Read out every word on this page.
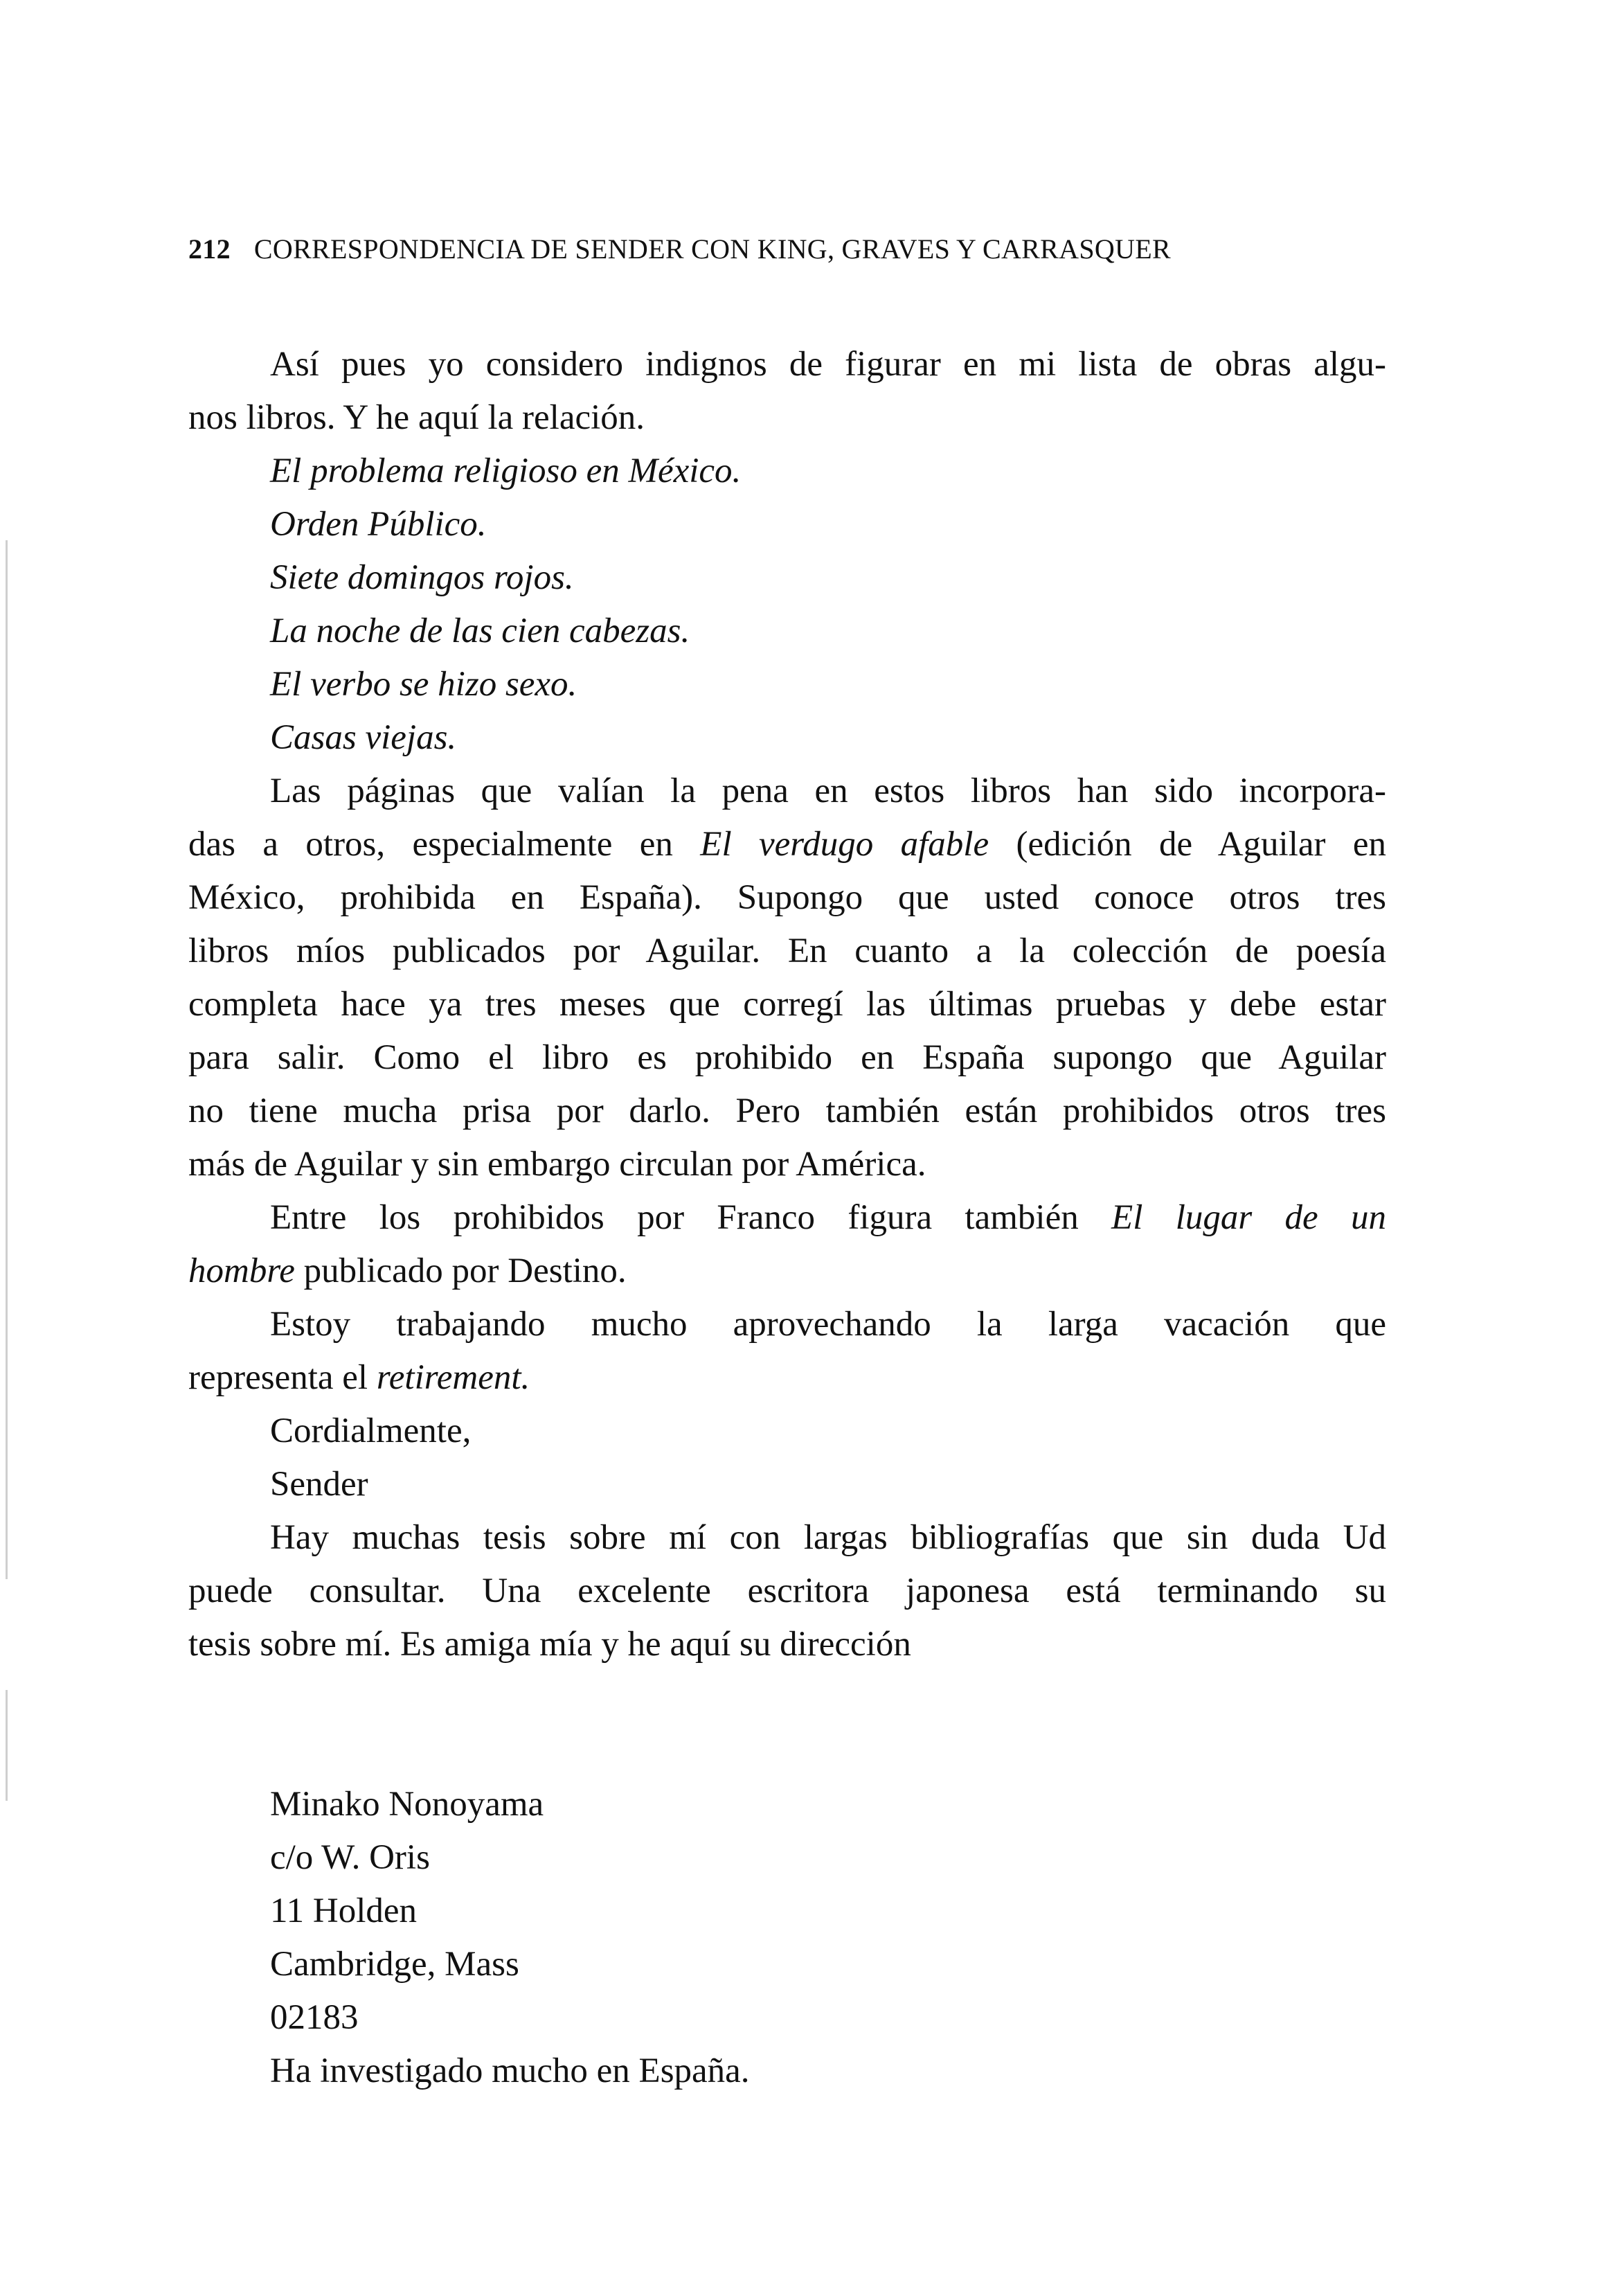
212 CORRESPONDENCIA DE SENDER CON KING, GRAVES Y CARRASQUER
Así pues yo considero indignos de figurar en mi lista de obras algu-
nos libros. Y he aquí la relación.
El problema religioso en México.
Orden Público.
Siete domingos rojos.
La noche de las cien cabezas.
El verbo se hizo sexo.
Casas viejas.
Las páginas que valían la pena en estos libros han sido incorpora-
das a otros, especialmente en El verdugo afable (edición de Aguilar en
México, prohibida en España). Supongo que usted conoce otros tres
libros míos publicados por Aguilar. En cuanto a la colección de poesía
completa hace ya tres meses que corregí las últimas pruebas y debe estar
para salir. Como el libro es prohibido en España supongo que Aguilar
no tiene mucha prisa por darlo. Pero también están prohibidos otros tres
más de Aguilar y sin embargo circulan por América.
Entre los prohibidos por Franco figura también El lugar de un
hombre publicado por Destino.
Estoy trabajando mucho aprovechando la larga vacación que
representa el retirement.
Cordialmente,
Sender
Hay muchas tesis sobre mí con largas bibliografías que sin duda Ud
puede consultar. Una excelente escritora japonesa está terminando su
tesis sobre mí. Es amiga mía y he aquí su dirección
Minako Nonoyama
c/o W. Oris
11 Holden
Cambridge, Mass
02183
Ha investigado mucho en España.
